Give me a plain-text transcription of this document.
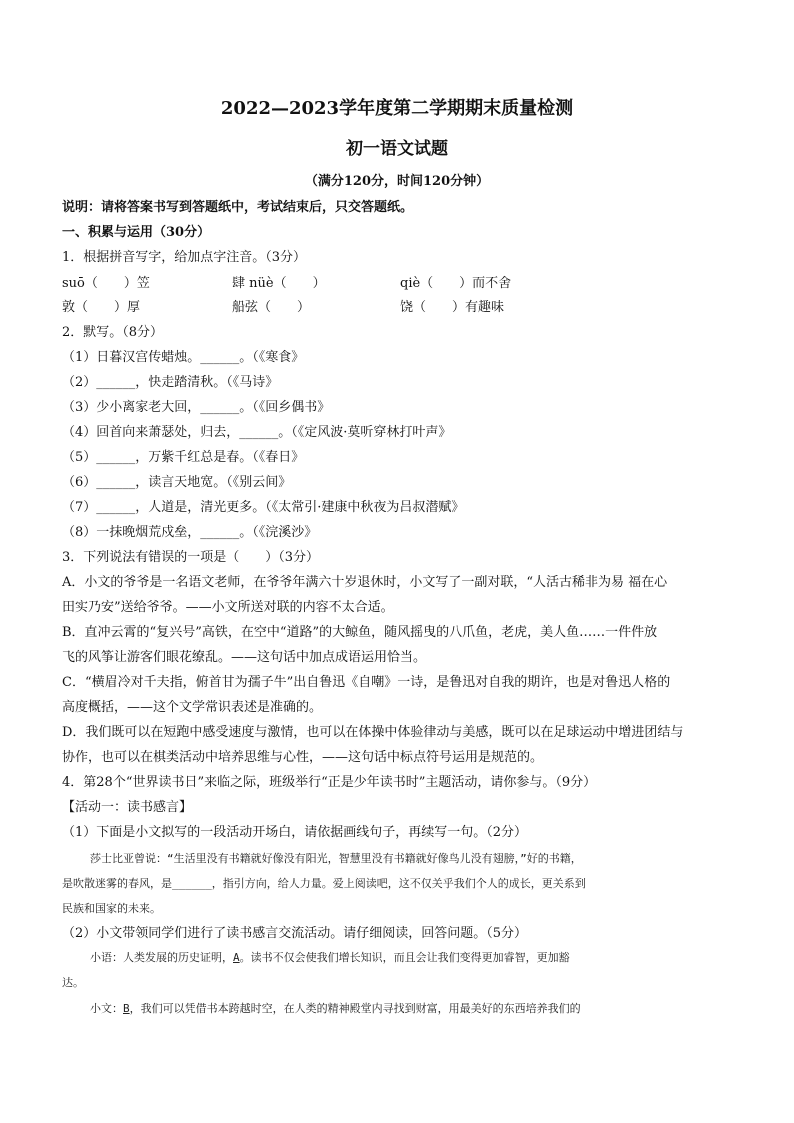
2022—2023学年度第二学期期末质量检测
初一语文试题
（满分120分，时间120分钟）
说明：请将答案书写到答题纸中，考试结束后，只交答题纸。
一、积累与运用（30分）
1．根据拼音写字，给加点字注音。（3分）
suō（　　）笠	肆 nüè（　　）	qiè（　　）而不舍
敦（　　）厚	船弦（　　）	饶（　　）有趣味
2．默写。（8分）
（1）日暮汉宫传蜡烛。______。（《寒食》
（2）______，快走踏清秋。（《马诗》
（3）少小离家老大回，______。（《回乡偶书》
（4）回首向来萧瑟处，归去，______。（《定风波·莫听穿林打叶声》
（5）______，万紫千红总是春。（《春日》
（6）______，读言天地宽。（《别云间》
（7）______，人道是，清光更多。（《太常引·建康中秋夜为吕叔潜赋》
（8）一抹晚烟荒戍垒，______。（《浣溪沙》
3．下列说法有错误的一项是（　　）（3分）
A．小文的爷爷是一名语文老师，在爷爷年满六十岁退休时，小文写了一副对联，“人活古稀非为易 福在心
田实乃安”送给爷爷。——小文所送对联的内容不太合适。
B．直冲云霄的“复兴号”高铁，在空中“道路”的大鲸鱼，随风摇曳的八爪鱼，老虎，美人鱼……一件件放
飞的风筝让游客们眼花缭乱。——这句话中加点成语运用恰当。
C．“横眉冷对千夫指，俯首甘为孺子牛”出自鲁迅《自嘲》一诗，是鲁迅对自我的期许，也是对鲁迅人格的
高度概括，——这个文学常识表述是准确的。
D．我们既可以在短跑中感受速度与激情，也可以在体操中体验律动与美感，既可以在足球运动中增进团结与
协作，也可以在棋类活动中培养思维与心性，——这句话中标点符号运用是规范的。
4．第28个“世界读书日”来临之际，班级举行“正是少年读书时”主题活动，请你参与。（9分）
【活动一：读书感言】
（1）下面是小文拟写的一段活动开场白，请依据画线句子，再续写一句。（2分）
莎士比亚曾说：“生活里没有书籍就好像没有阳光，智慧里没有书籍就好像鸟儿没有翅膀，”好的书籍，
是吹散迷雾的春风，是______，指引方向，给人力量。爱上阅读吧，这不仅关乎我们个人的成长，更关系到
民族和国家的未来。
（2）小文带领同学们进行了读书感言交流活动。请仔细阅读，回答问题。（5分）
小语：人类发展的历史证明，A。读书不仅会使我们增长知识，而且会让我们变得更加睿智，更加豁
达。
小文：B，我们可以凭借书本跨越时空，在人类的精神殿堂内寻找到财富，用最美好的东西培养我们的
